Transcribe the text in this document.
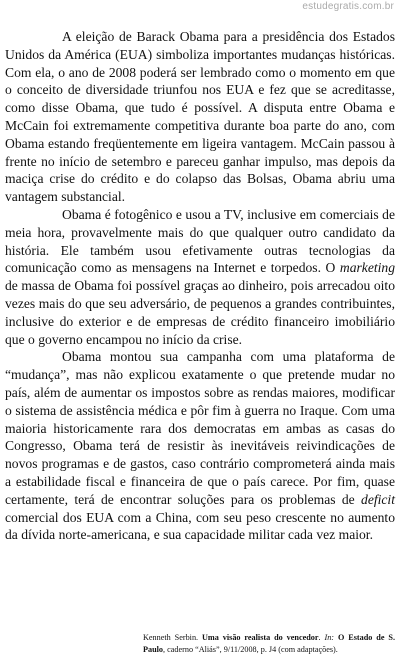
estudegratis.com.br

A eleição de Barack Obama para a presidência dos Estados Unidos da América (EUA) simboliza importantes mudanças históricas. Com ela, o ano de 2008 poderá ser lembrado como o momento em que o conceito de diversidade triunfou nos EUA e fez que se acreditasse, como disse Obama, que tudo é possível. A disputa entre Obama e McCain foi extremamente competitiva durante boa parte do ano, com Obama estando freqüentemente em ligeira vantagem. McCain passou à frente no início de setembro e pareceu ganhar impulso, mas depois da maciça crise do crédito e do colapso das Bolsas, Obama abriu uma vantagem substancial.

Obama é fotogênico e usou a TV, inclusive em comerciais de meia hora, provavelmente mais do que qualquer outro candidato da história. Ele também usou efetivamente outras tecnologias da comunicação como as mensagens na Internet e torpedos. O marketing de massa de Obama foi possível graças ao dinheiro, pois arrecadou oito vezes mais do que seu adversário, de pequenos a grandes contribuintes, inclusive do exterior e de empresas de crédito financeiro imobiliário que o governo encampou no início da crise.

Obama montou sua campanha com uma plataforma de “mudança”, mas não explicou exatamente o que pretende mudar no país, além de aumentar os impostos sobre as rendas maiores, modificar o sistema de assistência médica e pôr fim à guerra no Iraque. Com uma maioria historicamente rara dos democratas em ambas as casas do Congresso, Obama terá de resistir às inevitáveis reivindicações de novos programas e de gastos, caso contrário comprometerá ainda mais a estabilidade fiscal e financeira de que o país carece. Por fim, quase certamente, terá de encontrar soluções para os problemas de deficit comercial dos EUA com a China, com seu peso crescente no aumento da dívida norte-americana, e sua capacidade militar cada vez maior.

Kenneth Serbin. Uma visão realista do vencedor. In: O Estado de S. Paulo, caderno “Aliás”, 9/11/2008, p. J4 (com adaptações).
